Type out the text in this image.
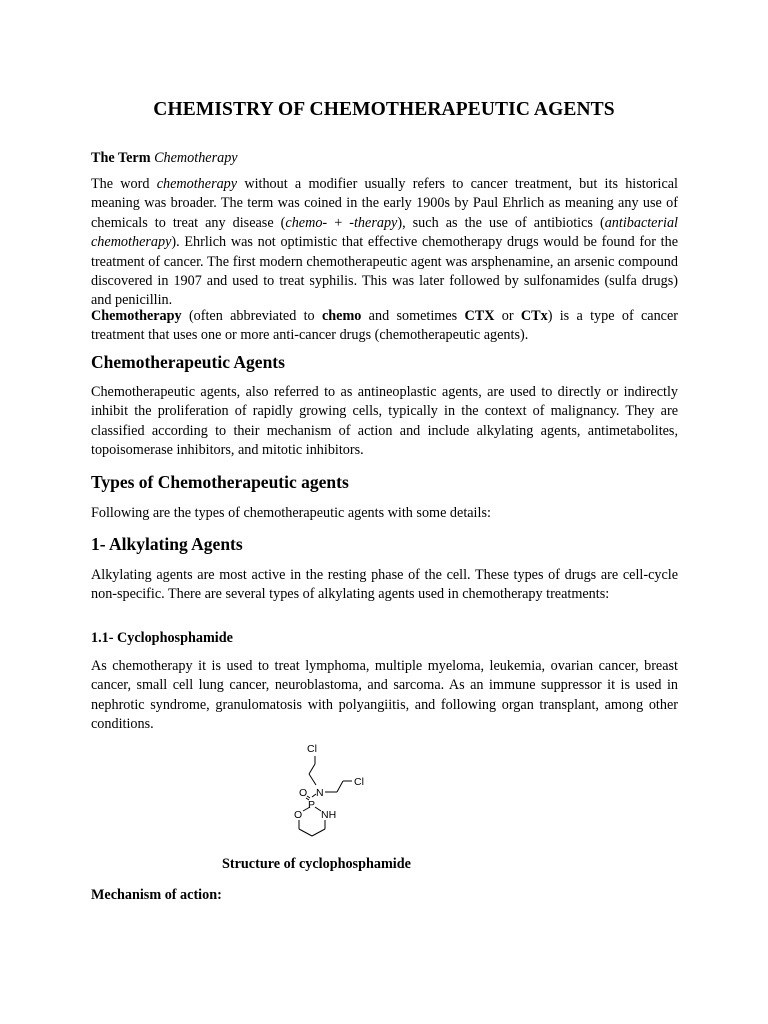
CHEMISTRY OF CHEMOTHERAPEUTIC AGENTS

The Term Chemotherapy

The word chemotherapy without a modifier usually refers to cancer treatment, but its historical meaning was broader. The term was coined in the early 1900s by Paul Ehrlich as meaning any use of chemicals to treat any disease (chemo- + -therapy), such as the use of antibiotics (antibacterial chemotherapy). Ehrlich was not optimistic that effective chemotherapy drugs would be found for the treatment of cancer. The first modern chemotherapeutic agent was arsphenamine, an arsenic compound discovered in 1907 and used to treat syphilis. This was later followed by sulfonamides (sulfa drugs) and penicillin.

Chemotherapy (often abbreviated to chemo and sometimes CTX or CTx) is a type of cancer treatment that uses one or more anti-cancer drugs (chemotherapeutic agents).

Chemotherapeutic Agents

Chemotherapeutic agents, also referred to as antineoplastic agents, are used to directly or indirectly inhibit the proliferation of rapidly growing cells, typically in the context of malignancy. They are classified according to their mechanism of action and include alkylating agents, antimetabolites, topoisomerase inhibitors, and mitotic inhibitors.

Types of Chemotherapeutic agents

Following are the types of chemotherapeutic agents with some details:

1- Alkylating Agents

Alkylating agents are most active in the resting phase of the cell. These types of drugs are cell-cycle non-specific. There are several types of alkylating agents used in chemotherapy treatments:

1.1- Cyclophosphamide

As chemotherapy it is used to treat lymphoma, multiple myeloma, leukemia, ovarian cancer, breast cancer, small cell lung cancer, neuroblastoma, and sarcoma. As an immune suppressor it is used in nephrotic syndrome, granulomatosis with polyangiitis, and following organ transplant, among other conditions.

Cl
Cl
N
O
P
O NH

Structure of cyclophosphamide

Mechanism of action:
